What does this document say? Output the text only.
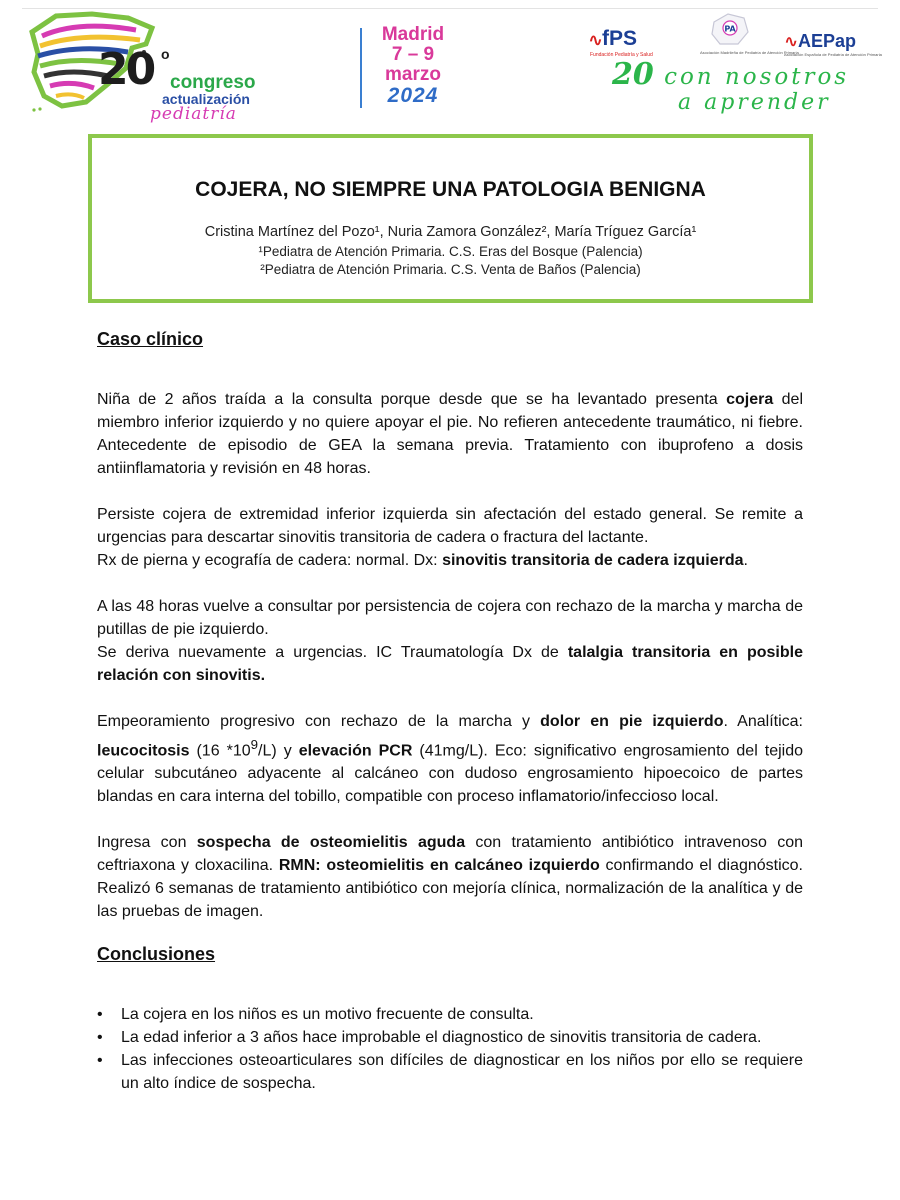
20 o
congreso
actualización
pediatría
Madrid
7 – 9
marzo
2024
∿
fPS
Fundación Pediatría y Salud
PA
Asociación Madrileña de Pediatría de Atención Primaria
∿ AEPap
Asociación Española de Pediatría de Atención Primaria
20 con nosotros
a aprender
COJERA, NO SIEMPRE UNA PATOLOGIA BENIGNA
Cristina Martínez del Pozo¹, Nuria Zamora González², María Tríguez García¹
¹Pediatra de Atención Primaria. C.S. Eras del Bosque (Palencia)
²Pediatra de Atención Primaria. C.S. Venta de Baños (Palencia)
Caso clínico

Niña de 2 años traída a la consulta porque desde que se ha levantado presenta cojera del miembro inferior izquierdo y no quiere apoyar el pie. No refieren antecedente traumático, ni fiebre. Antecedente de episodio de GEA la semana previa. Tratamiento con ibuprofeno a dosis antiinflamatoria y revisión en 48 horas.

Persiste cojera de extremidad inferior izquierda sin afectación del estado general. Se remite a urgencias para descartar sinovitis transitoria de cadera o fractura del lactante.
Rx de pierna y ecografía de cadera: normal. Dx: sinovitis transitoria de cadera izquierda.

A las 48 horas vuelve a consultar por persistencia de cojera con rechazo de la marcha y marcha de putillas de pie izquierdo.
Se deriva nuevamente a urgencias. IC Traumatología Dx de talalgia transitoria en posible relación con sinovitis.

Empeoramiento progresivo con rechazo de la marcha y dolor en pie izquierdo. Analítica: leucocitosis (16 $*10^9/L$) y elevación PCR (41mg/L). Eco: significativo engrosamiento del tejido celular subcutáneo adyacente al calcáneo con dudoso engrosamiento hipoecoico de partes blandas en cara interna del tobillo, compatible con proceso inflamatorio/infeccioso local.

Ingresa con sospecha de osteomielitis aguda con tratamiento antibiótico intravenoso con ceftriaxona y cloxacilina. RMN: osteomielitis en calcáneo izquierdo confirmando el diagnóstico. Realizó 6 semanas de tratamiento antibiótico con mejoría clínica, normalización de la analítica y de las pruebas de imagen.

Conclusiones
• La cojera en los niños es un motivo frecuente de consulta.
• La edad inferior a 3 años hace improbable el diagnostico de sinovitis transitoria de cadera.
• Las infecciones osteoarticulares son difíciles de diagnosticar en los niños por ello se requiere un alto índice de sospecha.
